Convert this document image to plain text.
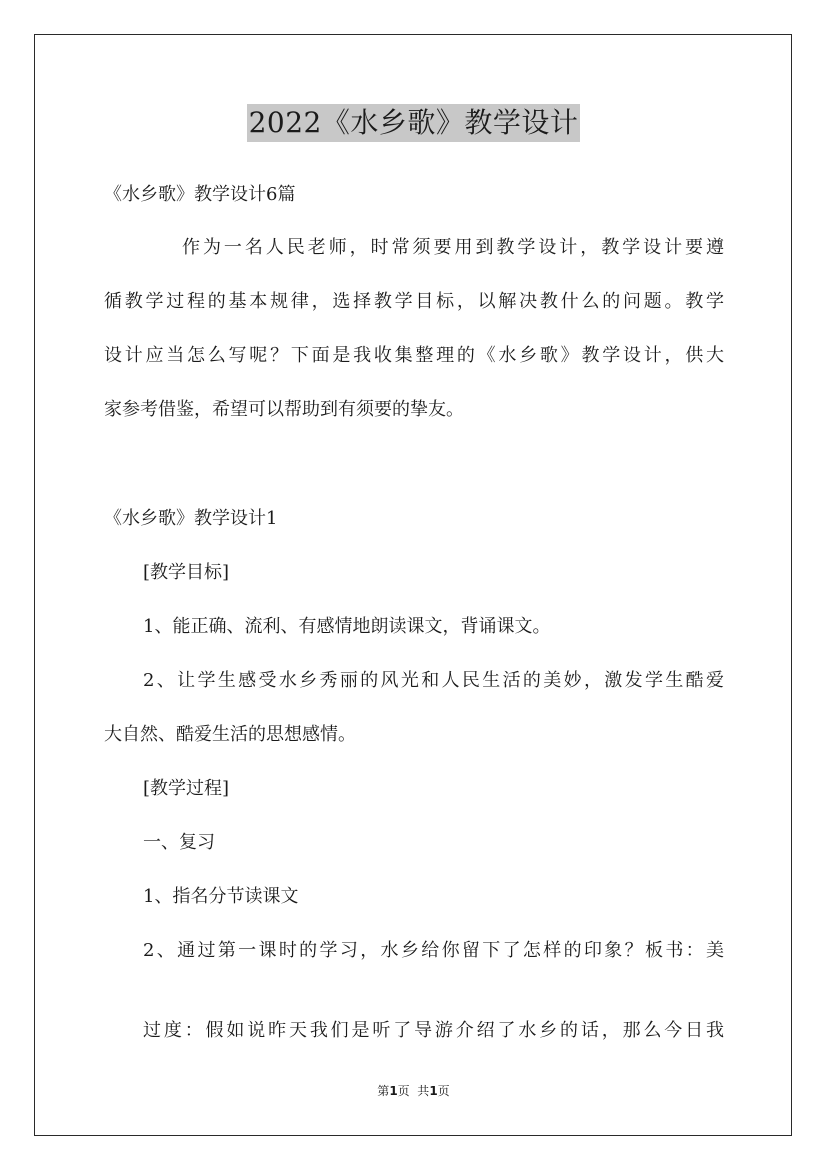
2022《水乡歌》教学设计
《水乡歌》教学设计6篇
作为一名人民老师，时常须要用到教学设计，教学设计要遵
循教学过程的基本规律，选择教学目标，以解决教什么的问题。教学
设计应当怎么写呢？下面是我收集整理的《水乡歌》教学设计，供大
家参考借鉴，希望可以帮助到有须要的挚友。
《水乡歌》教学设计1
[教学目标]
1、能正确、流利、有感情地朗读课文，背诵课文。
2、让学生感受水乡秀丽的风光和人民生活的美妙，激发学生酷爱
大自然、酷爱生活的思想感情。
[教学过程]
一、复习
1、指名分节读课文
2、通过第一课时的学习，水乡给你留下了怎样的印象？板书：美
过度：假如说昨天我们是听了导游介绍了水乡的话，那么今日我
第1页  共1页
